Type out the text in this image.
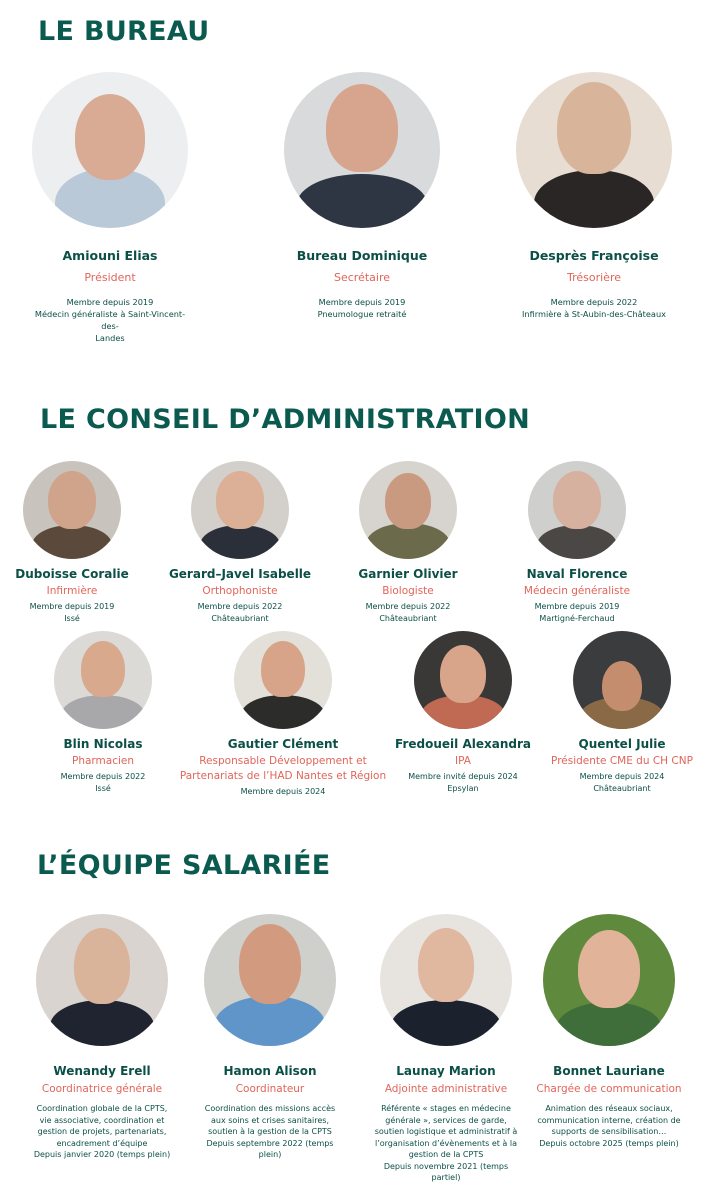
LE BUREAU
LE CONSEIL D’ADMINISTRATION
L’ÉQUIPE SALARIÉE
Amiouni Elias
Président
Membre depuis 2019
Médecin généraliste à Saint-Vincent-des-
Landes
Bureau Dominique
Secrétaire
Membre depuis 2019
Pneumologue retraité
Desprès Françoise
Trésorière
Membre depuis 2022
Infirmière à St-Aubin-des-Châteaux
Duboisse Coralie
Infirmière
Membre depuis 2019
Issé
Gerard–Javel Isabelle
Orthophoniste
Membre depuis 2022
Châteaubriant
Garnier Olivier
Biologiste
Membre depuis 2022
Châteaubriant
Naval Florence
Médecin généraliste
Membre depuis 2019
Martigné-Ferchaud
Blin Nicolas
Pharmacien
Membre depuis 2022
Issé
Gautier Clément
Responsable Développement et Partenariats de l’HAD Nantes et Région
Membre depuis 2024
Fredoueil Alexandra
IPA
Membre invité depuis 2024
Epsylan
Quentel Julie
Présidente CME du CH CNP
Membre depuis 2024
Châteaubriant
Wenandy Erell
Coordinatrice générale
Coordination globale de la CPTS,
vie associative, coordination et
gestion de projets, partenariats,
encadrement d’équipe
Depuis janvier 2020 (temps plein)
Hamon Alison
Coordinateur
Coordination des missions accès
aux soins et crises sanitaires,
soutien à la gestion de la CPTS
Depuis septembre 2022 (temps
plein)
Launay Marion
Adjointe administrative
Référente « stages en médecine
générale », services de garde,
soutien logistique et administratif à
l’organisation d’évènements et à la
gestion de la CPTS
Depuis novembre 2021 (temps
partiel)
Bonnet Lauriane
Chargée de communication
Animation des réseaux sociaux,
communication interne, création de
supports de sensibilisation…
Depuis octobre 2025 (temps plein)
